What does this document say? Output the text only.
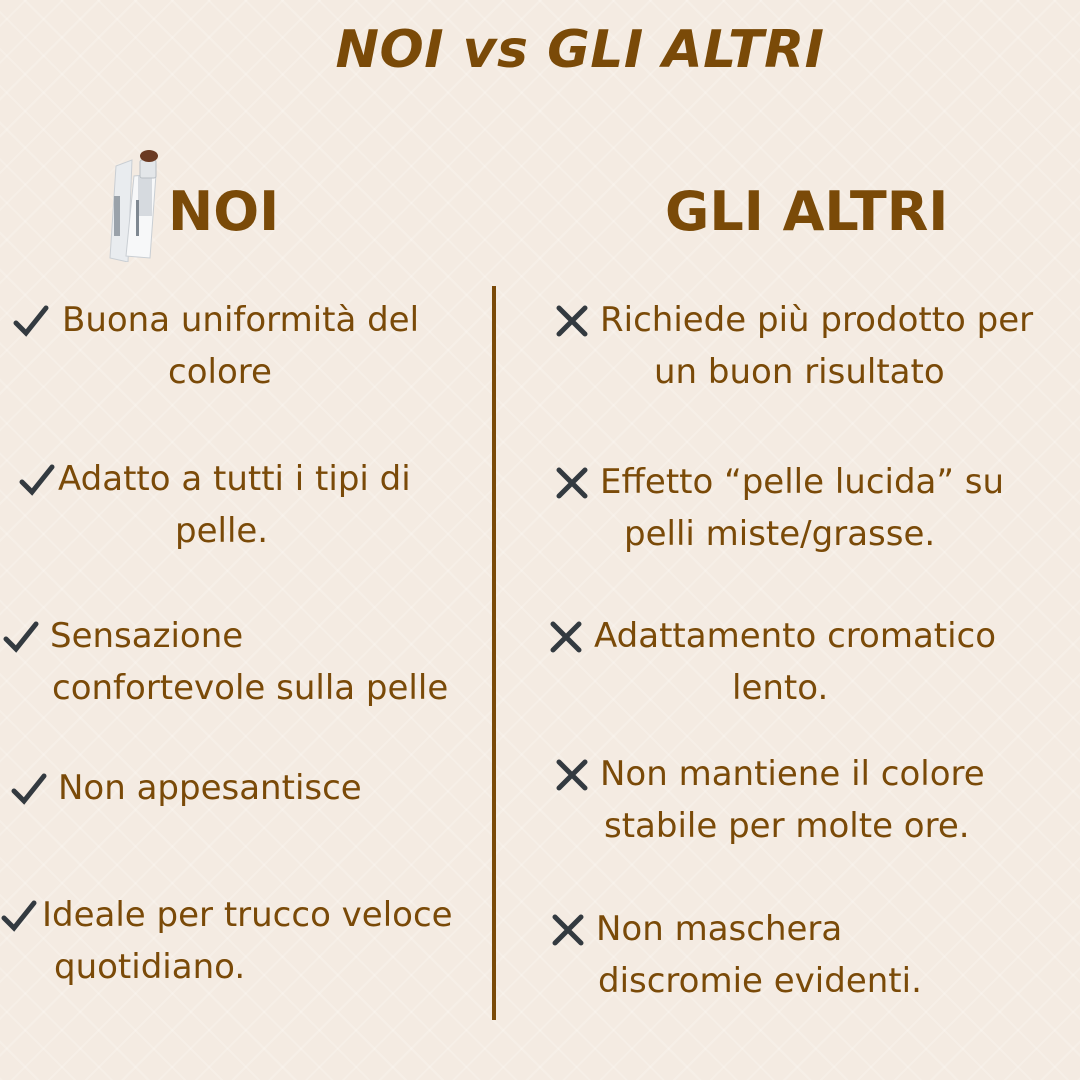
NOI vs GLI ALTRI
NOI	GLI ALTRI
Buona uniformità del
colore
Adatto a tutti i tipi di
pelle.
Sensazione
confortevole sulla pelle
Non appesantisce
Ideale per trucco veloce
quotidiano.
Richiede più prodotto per
un buon risultato
Effetto “pelle lucida” su
pelli miste/grasse.
Adattamento cromatico
lento.
Non mantiene il colore
stabile per molte ore.
Non maschera
discromie evidenti.
